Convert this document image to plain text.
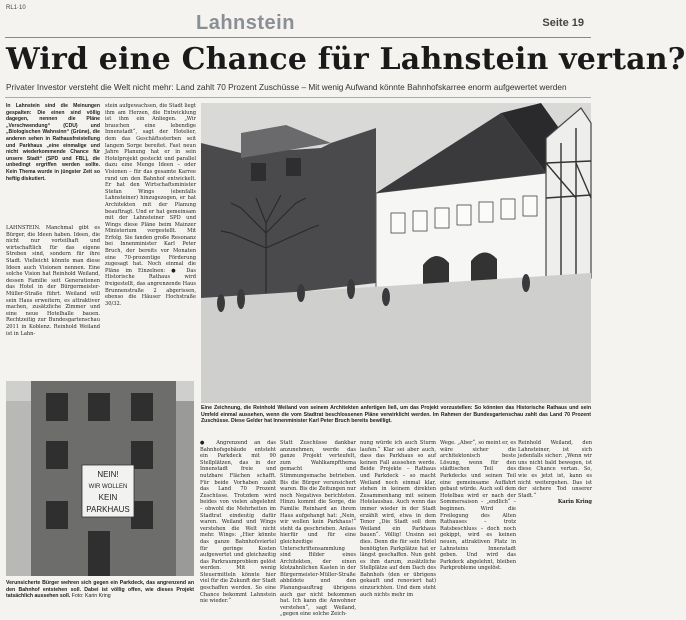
RL1·10
Lahnstein	Seite 19
Wird eine Chance für Lahnstein vertan?
Privater Investor versteht die Welt nicht mehr: Land zahlt 70 Prozent Zuschüsse – Mit wenig Aufwand könnte Bahnhofskarree enorm aufgewertet werden
In Lahnstein sind die Meinungen gespalten: Die einen sind völlig dagegen, nennen die Pläne „Verschwendung“ (CDU) und „Biologischen Wahnsinn“ (Grüne), die anderen sehen in Rathausfreistellung und Parkhaus „eine einmalige und nicht wiederkommende Chance für unsere Stadt“ (SPD und FBL), die unbedingt ergriffen werden sollte. Kein Thema wurde in jüngster Zeit so heftig diskutiert.
LAHNSTEIN. Manchmal gibt es Bürger, die Ideen haben. Ideen, die nicht nur vorteilhaft und wirtschaftlich für das eigene Streben sind, sondern für ihre Stadt. Vielleicht könnte man diese Ideen auch Visionen nennen. Eine solche Vision hat Reinhold Weiland, dessen Familie seit Generationen das Hotel in der Bürgermeister-Müller-Straße führt. Weiland will sein Haus erweitern, es attraktiver machen, zusätzliche Zimmer und eine neue Hotelhalle bauen. Rechtzeitig zur Bundesgartenschau 2011 in Koblenz. Reinhold Weiland ist in Lahn-
stein aufgewachsen, die Stadt liegt ihm am Herzen, die Entwicklung ist ihm ein Anliegen. „Wir brauchen eine lebendige Innenstadt“, sagt der Hotelier, dem das Geschäftssterben seit langem Sorge bereitet. Fast neun Jahre Planung hat er in sein Hotelprojekt gesteckt und parallel dazu eine Menge Ideen – oder Visionen – für das gesamte Karree rund um den Bahnhof entwickelt. Er hat den Wirtschaftsminister Stefan Wings (ebenfalls Lahnsteiner) hinzugezogen, er hat Architekten mit der Planung beauftragt. Und er hat gemeinsam mit der Lahnsteiner SPD und Wings diese Pläne beim Mainzer Ministerium vorgestellt. Mit Erfolg. Sie fanden große Resonanz bei Innenminister Karl Peter Bruch, der bereits vor Monaten eine 70-prozentige Förderung zugesagt hat. Noch einmal die Pläne im Einzelnen: ● Das Historische Rathaus wird freigestellt, das angrenzende Haus Brunnenstraße 2 abgerissen, ebenso die Häuser Hochstraße 30/32.
Eine Zeichnung, die Reinhold Weiland von seinem Architekten anfertigen ließ, um das Projekt vorzustellen: So könnten das Historische Rathaus und sein Umfeld einmal aussehen, wenn die vom Stadtrat beschlossenen Pläne verwirklicht werden. Im Rahmen der Bundesgartenschau zahlt das Land 70 Prozent Zuschüsse. Diese Gelder hat Innenminister Karl Peter Bruch bereits bewilligt.
NEIN!
WIR WOLLEN
KEIN
PARKHAUS
Verunsicherte Bürger wehren sich gegen ein Parkdeck, das angrenzend an den Bahnhof entstehen soll. Dabei ist völlig offen, wie dieses Projekt tatsächlich aussehen soll. Foto: Karin Kring
● Angrenzend an das Bahnhofsgebäude entsteht ein Parkdeck mit 90 Stellplätzen, das in der Innenstadt freie und nutzbare Flächen schafft. Für beide Vorhaben zahlt das Land 70 Prozent Zuschüsse. Trotzdem wird beides von vielen abgelehnt – obwohl die Mehrheiten im Stadtrat eindeutig dafür waren. Weiland und Wings verstehen die Welt nicht mehr. Wings: „Hier könnte das ganze Bahnhofsviertel für geringe Kosten aufgewertet und gleichzeitig das Parkraumproblem gelöst werden. Mit wenig Steuermitteln könnte hier viel für die Zukunft der Stadt geschaffen werden. So eine Chance bekommt Lahnstein nie wieder.“
Statt Zuschüsse dankbar anzunehmen, werde das ganze Projekt verteufelt, zum Wahlkampfthema gemacht und Stimmungsmache betrieben. Bis die Bürger verunsichert waren. Bis die Zeitungen nur noch Negatives berichteten. Hinzu kommt die Sorge, die Familie Reinhard an ihrem Haus aufgehangt hat: „Nein, wir wollen kein Parkhaus!“ steht da geschrieben. Anlass hierfür und für eine gleichzeitige Unterschriftensammlung sind Bilder eines Architekten, der einen klotzahnlichen Kasten in der Bürgermeister-Müller-Straße abbildete und den Planungsauftrag übrigens auch gar nicht bekommen hat. Ich kann die Anwohner verstehen“, sagt Weiland, „gegen eine solche Zeich-
nung würde ich auch Sturm laufen.“ Klar sei aber auch, dass das Parkhaus so auf keinen Fall aussehen werde. Beide Projekte – Rathaus und Parkdeck – so macht Weiland noch einmal klar, stehen in keinem direkten Zusammenhang mit seinem Hotelausbau. Auch wenn das immer wieder in der Stadt erzählt wird, etwa in dem Tenor „Die Stadt soll dem Weiland ein Parkhaus bauen“. Völlig! Unsinn sei dies. Denn die für sein Hotel benötigten Parkplätze hat er längst geschaffen. Nun geht es ihm darum, zusätzliche Stellplätze auf dem Dach des Bahnhofs (den er übrigens gekauft und renoviert hat) einzurichten. Und dem steht auch nichts mehr im
Wege. „Aber“, so meint er, es wäre sicher die architektonisch beste Lösung, wenn für den städtischen Teil des Parkdecks und seinen Teil eine gemeinsame Auffahrt gebaut würde. Auch soll dem Hotelbau wird er nach der Sommersaison – „endlich“ – beginnen. Wird die Freilegung des Alten Rathauses – trotz Ratsbeschluss – doch noch gekippt, wird es keinen neuen, attraktiven Platz in Lahnsteins Innenstadt geben. Und wird das Parkdeck abgelehnt, bleiben Parkprobleme ungelöst.
Reinhold Weiland, den Lahnsteiner, ist sich jedenfalls sicher: „Wenn wir uns nicht bald bewegen, ist diese Chance vertan. So, wie es jetzt ist, kann es nicht weitergehen. Das ist der sichere Tod unserer Stadt.“
Karin Kring
